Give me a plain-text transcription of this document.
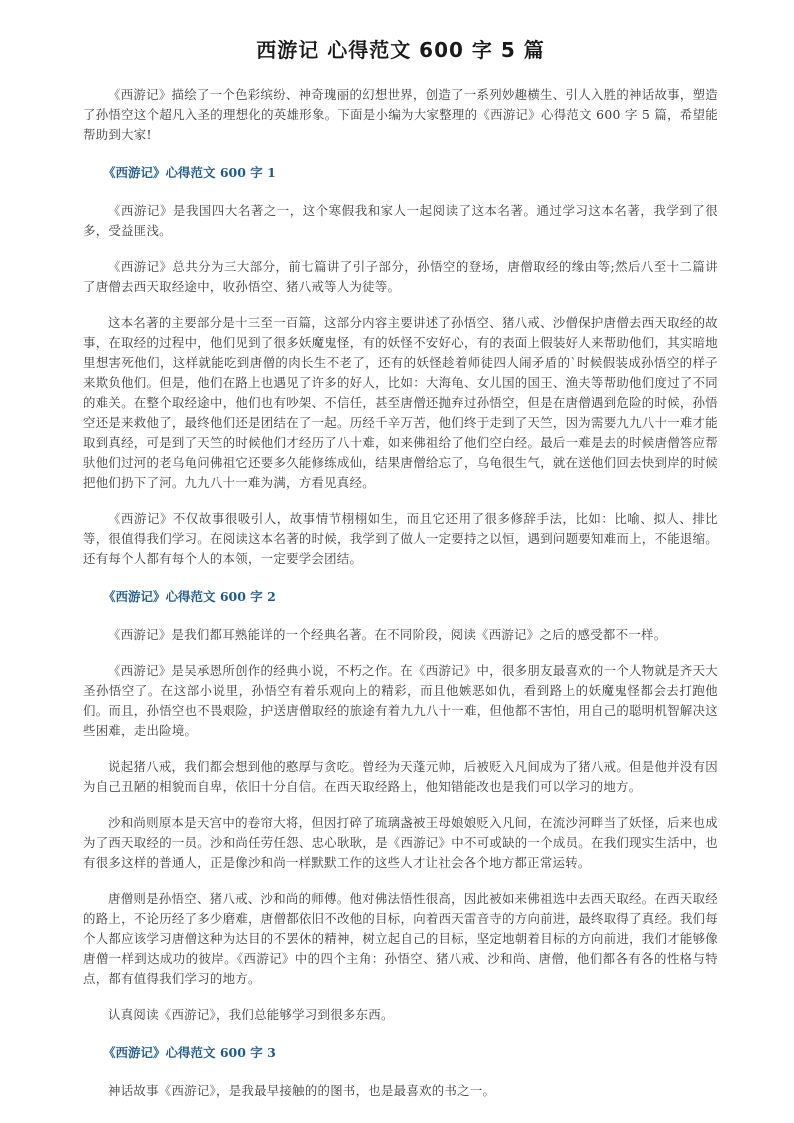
西游记 心得范文 600 字 5 篇

《西游记》描绘了一个色彩缤纷、神奇瑰丽的幻想世界，创造了一系列妙趣横生、引人入胜的神话故事，塑造了孙悟空这个超凡入圣的理想化的英雄形象。下面是小编为大家整理的《西游记》心得范文 600 字 5 篇，希望能帮助到大家!

《西游记》心得范文 600 字 1

《西游记》是我国四大名著之一，这个寒假我和家人一起阅读了这本名著。通过学习这本名著，我学到了很多，受益匪浅。

《西游记》总共分为三大部分，前七篇讲了引子部分，孙悟空的登场，唐僧取经的缘由等;然后八至十二篇讲了唐僧去西天取经途中，收孙悟空、猪八戒等人为徒等。

这本名著的主要部分是十三至一百篇，这部分内容主要讲述了孙悟空、猪八戒、沙僧保护唐僧去西天取经的故事，在取经的过程中，他们见到了很多妖魔鬼怪，有的妖怪不安好心，有的表面上假装好人来帮助他们，其实暗地里想害死他们，这样就能吃到唐僧的肉长生不老了，还有的妖怪趁着师徒四人闹矛盾的`时候假装成孙悟空的样子来欺负他们。但是，他们在路上也遇见了许多的好人，比如：大海龟、女儿国的国王、渔夫等帮助他们度过了不同的难关。在整个取经途中，他们也有吵架、不信任，甚至唐僧还抛弃过孙悟空，但是在唐僧遇到危险的时候，孙悟空还是来救他了，最终他们还是团结在了一起。历经千辛万苦，他们终于走到了天竺，因为需要九九八十一难才能取到真经，可是到了天竺的时候他们才经历了八十难，如来佛祖给了他们空白经。最后一难是去的时候唐僧答应帮驮他们过河的老乌龟问佛祖它还要多久能修练成仙，结果唐僧给忘了，乌龟很生气，就在送他们回去快到岸的时候把他们扔下了河。九九八十一难为满，方看见真经。

《西游记》不仅故事很吸引人，故事情节栩栩如生，而且它还用了很多修辞手法，比如：比喻、拟人、排比等，很值得我们学习。在阅读这本名著的时候，我学到了做人一定要持之以恒，遇到问题要知难而上，不能退缩。还有每个人都有每个人的本领，一定要学会团结。

《西游记》心得范文 600 字 2

《西游记》是我们都耳熟能详的一个经典名著。在不同阶段，阅读《西游记》之后的感受都不一样。

《西游记》是吴承恩所创作的经典小说，不朽之作。在《西游记》中，很多朋友最喜欢的一个人物就是齐天大圣孙悟空了。在这部小说里，孙悟空有着乐观向上的精彩，而且他嫉恶如仇，看到路上的妖魔鬼怪都会去打跑他们。而且，孙悟空也不畏艰险，护送唐僧取经的旅途有着九九八十一难，但他都不害怕，用自己的聪明机智解决这些困难，走出险境。

说起猪八戒，我们都会想到他的憨厚与贪吃。曾经为天蓬元帅，后被贬入凡间成为了猪八戒。但是他并没有因为自己丑陋的相貌而自卑，依旧十分自信。在西天取经路上，他知错能改也是我们可以学习的地方。

沙和尚则原本是天宫中的卷帘大将，但因打碎了琉璃盏被王母娘娘贬入凡间，在流沙河畔当了妖怪，后来也成为了西天取经的一员。沙和尚任劳任怨、忠心耿耿，是《西游记》中不可或缺的一个成员。在我们现实生活中，也有很多这样的普通人，正是像沙和尚一样默默工作的这些人才让社会各个地方都正常运转。

唐僧则是孙悟空、猪八戒、沙和尚的师傅。他对佛法悟性很高，因此被如来佛祖选中去西天取经。在西天取经的路上，不论历经了多少磨难，唐僧都依旧不改他的目标，向着西天雷音寺的方向前进，最终取得了真经。我们每个人都应该学习唐僧这种为达目的不罢休的精神，树立起自己的目标，坚定地朝着目标的方向前进，我们才能够像唐僧一样到达成功的彼岸。《西游记》中的四个主角：孙悟空、猪八戒、沙和尚、唐僧，他们都各有各的性格与特点，都有值得我们学习的地方。

认真阅读《西游记》，我们总能够学习到很多东西。

《西游记》心得范文 600 字 3

神话故事《西游记》，是我最早接触的的图书，也是最喜欢的书之一。
